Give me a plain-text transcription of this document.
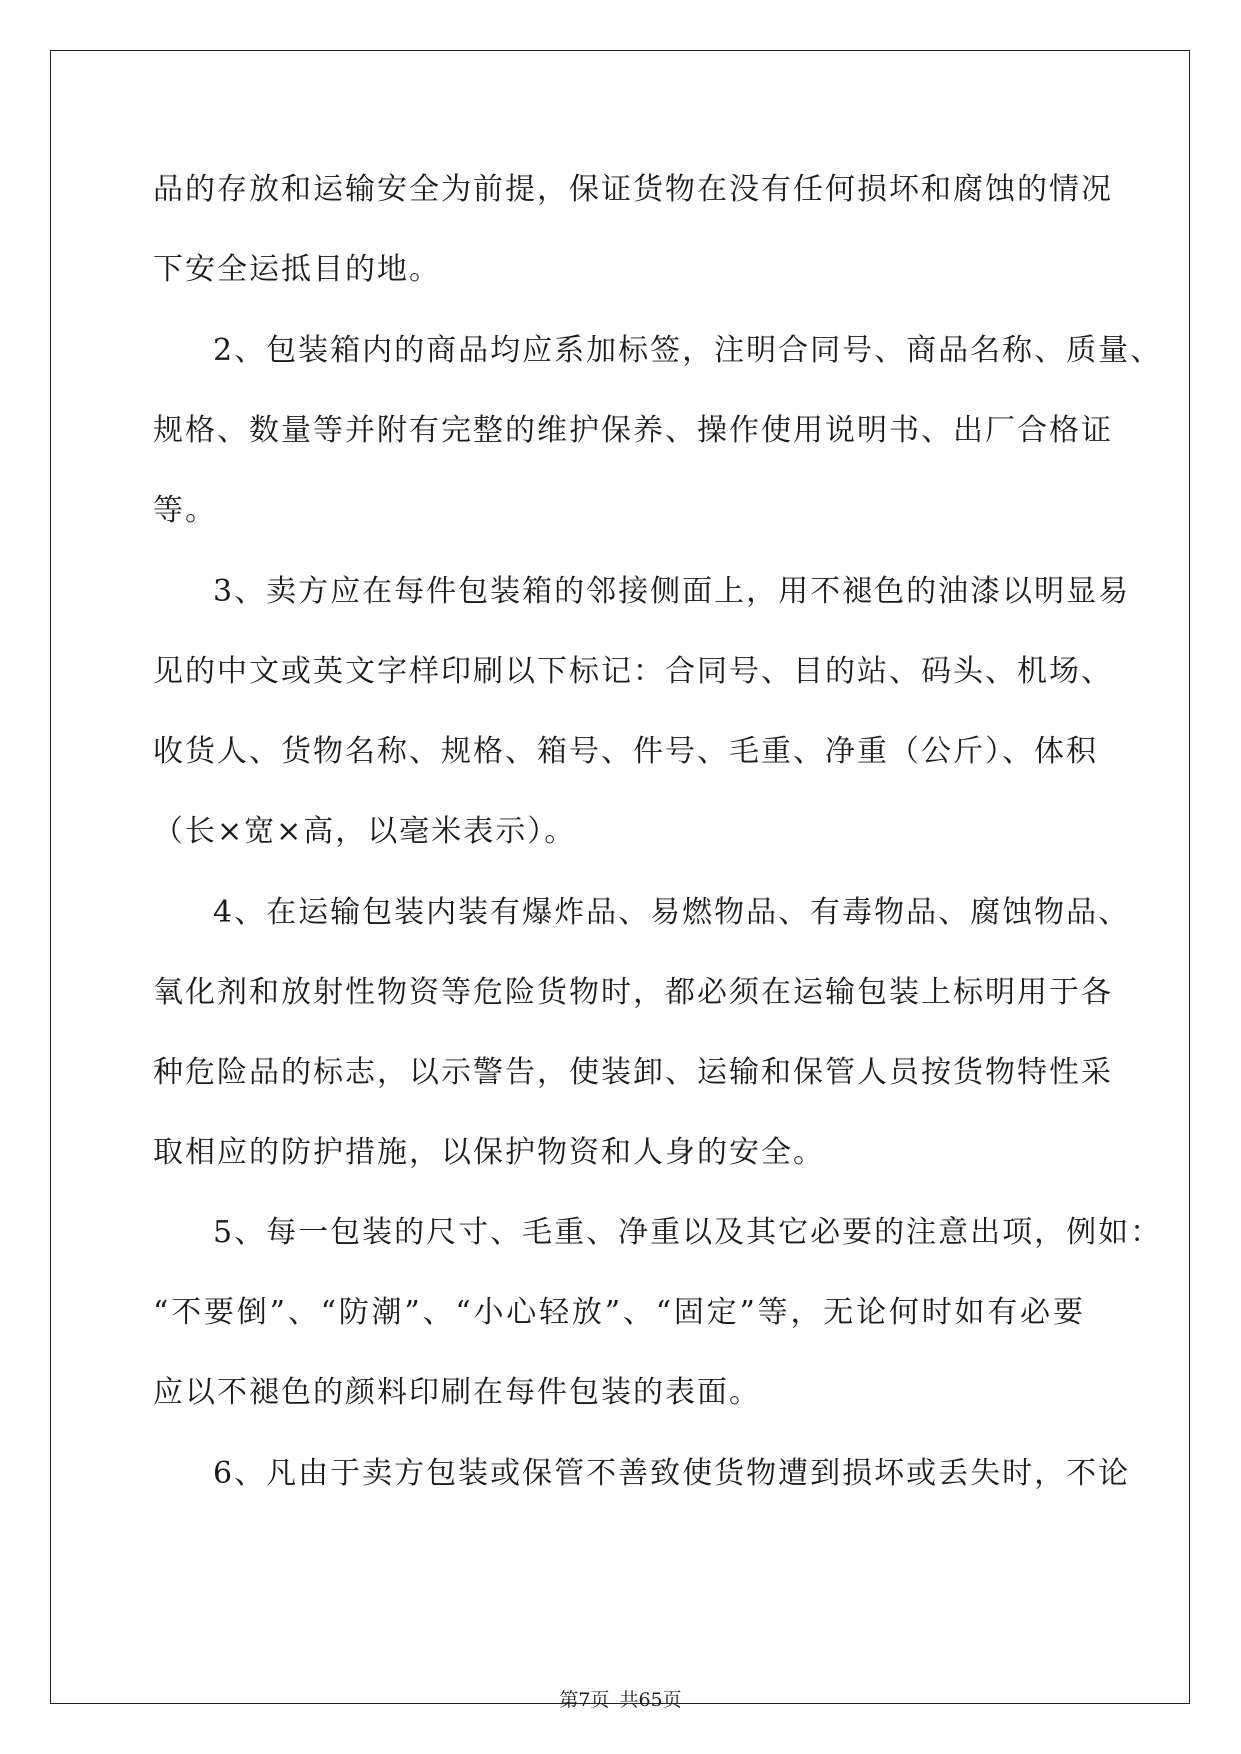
品的存放和运输安全为前提，保证货物在没有任何损坏和腐蚀的情况
下安全运抵目的地。
2、包装箱内的商品均应系加标签，注明合同号、商品名称、质量、
规格、数量等并附有完整的维护保养、操作使用说明书、出厂合格证
等。
3、卖方应在每件包装箱的邻接侧面上，用不褪色的油漆以明显易
见的中文或英文字样印刷以下标记：合同号、目的站、码头、机场、
收货人、货物名称、规格、箱号、件号、毛重、净重（公斤）、体积
（长×宽×高，以毫米表示）。
4、在运输包装内装有爆炸品、易燃物品、有毒物品、腐蚀物品、
氧化剂和放射性物资等危险货物时，都必须在运输包装上标明用于各
种危险品的标志，以示警告，使装卸、运输和保管人员按货物特性采
取相应的防护措施，以保护物资和人身的安全。
5、每一包装的尺寸、毛重、净重以及其它必要的注意出项，例如：
“不要倒”、“防潮”、“小心轻放”、“固定”等，无论何时如有必要
应以不褪色的颜料印刷在每件包装的表面。
6、凡由于卖方包装或保管不善致使货物遭到损坏或丢失时，不论
第7页 共65页
